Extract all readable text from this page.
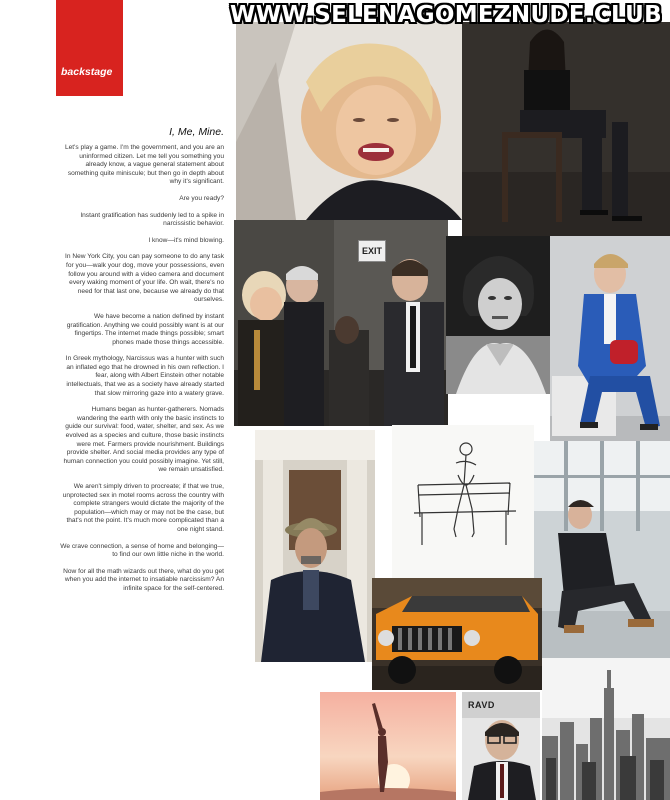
EXIT
RAVD
backstage
WWW.SELENAGOMEZNUDE.CLUB
I, Me, Mine.

Let's play a game. I'm the government, and you are an uninformed citizen. Let me tell you something you already know, a vague general statement about something quite miniscule; but then go in depth about why it's significant.

Are you ready?

Instant gratification has suddenly led to a spike in narcissistic behavior.

I know—it's mind blowing.

In New York City, you can pay someone to do any task for you—walk your dog, move your possessions, even follow you around with a video camera and document every waking moment of your life. Oh wait, there's no need for that last one, because we already do that ourselves.

We have become a nation defined by instant gratification. Anything we could possibly want is at our fingertips. The internet made things possible; smart phones made those things accessible.

In Greek mythology, Narcissus was a hunter with such an inflated ego that he drowned in his own reflection. I fear, along with Albert Einstein other notable intellectuals, that we as a society have already started that slow mirroring gaze into a watery grave.

Humans began as hunter-gatherers. Nomads wandering the earth with only the basic instincts to guide our survival: food, water, shelter, and sex. As we evolved as a species and culture, those basic instincts were met. Farmers provide nourishment. Buildings provide shelter. And social media provides any type of human connection you could possibly imagine. Yet still, we remain unsatisfied.

We aren't simply driven to procreate; if that we true, unprotected sex in motel rooms across the country with complete strangers would dictate the majority of the population—which may or may not be the case, but that's not the point. It's much more complicated than a one night stand.

We crave connection, a sense of home and belonging—to find our own little niche in the world.

Now for all the math wizards out there, what do you get when you add the internet to insatiable narcissism? An infinite space for the self-centered.
